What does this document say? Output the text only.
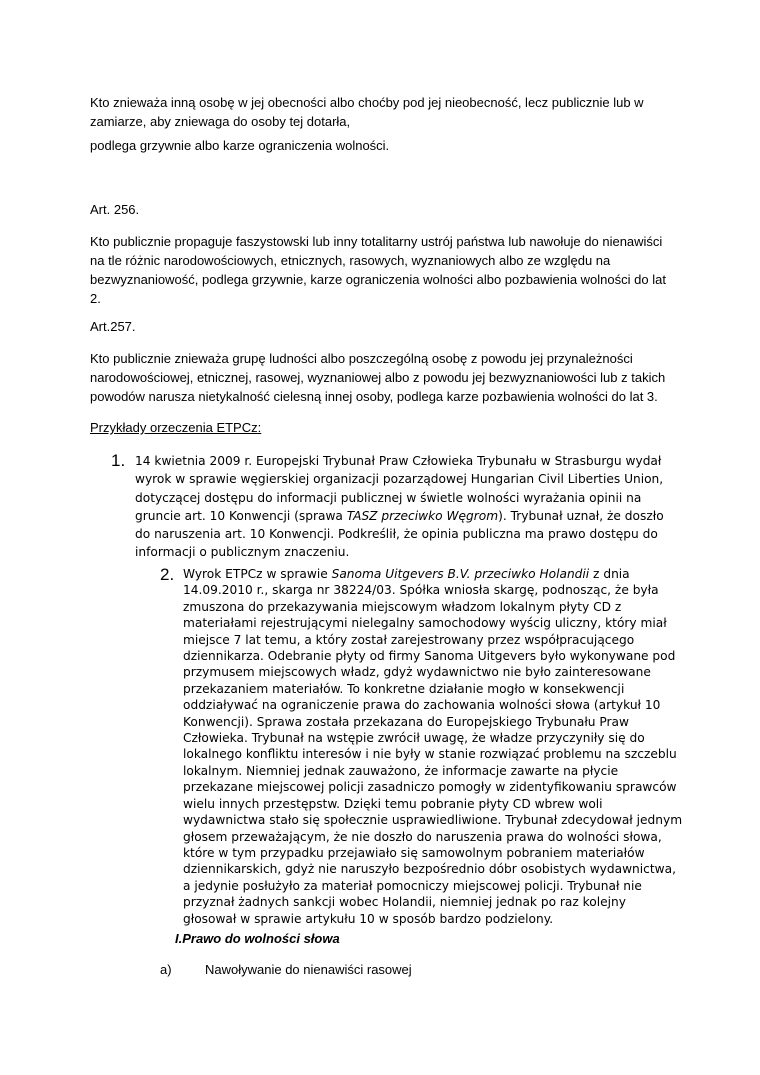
Kto znieważa inną osobę w jej obecności albo choćby pod jej nieobecność, lecz publicznie lub w zamiarze, aby zniewaga do osoby tej dotarła,

podlega grzywnie albo karze ograniczenia wolności.

Art. 256.

Kto publicznie propaguje faszystowski lub inny totalitarny ustrój państwa lub nawołuje do nienawiści na tle różnic narodowościowych, etnicznych, rasowych, wyznaniowych albo ze względu na bezwyznaniowość, podlega grzywnie, karze ograniczenia wolności albo pozbawienia wolności do lat 2.

Art.257.

Kto publicznie znieważa grupę ludności albo poszczególną osobę z powodu jej przynależności narodowościowej, etnicznej, rasowej, wyznaniowej albo z powodu jej bezwyznaniowości lub z takich powodów narusza nietykalność cielesną innej osoby, podlega karze pozbawienia wolności do lat 3.

Przykłady orzeczenia ETPCz:

1. 14 kwietnia 2009 r. Europejski Trybunał Praw Człowieka Trybunału w Strasburgu wydał wyrok w sprawie węgierskiej organizacji pozarządowej Hungarian Civil Liberties Union, dotyczącej dostępu do informacji publicznej w świetle wolności wyrażania opinii na gruncie art. 10 Konwencji (sprawa TASZ przeciwko Węgrom). Trybunał uznał, że doszło do naruszenia art. 10 Konwencji. Podkreślił, że opinia publiczna ma prawo dostępu do informacji o publicznym znaczeniu.

2. Wyrok ETPCz w sprawie Sanoma Uitgevers B.V. przeciwko Holandii z dnia 14.09.2010 r., skarga nr 38224/03. Spółka wniosła skargę, podnosząc, że była zmuszona do przekazywania miejscowym władzom lokalnym płyty CD z materiałami rejestrującymi nielegalny samochodowy wyścig uliczny, który miał miejsce 7 lat temu, a który został zarejestrowany przez współpracującego dziennikarza. Odebranie płyty od firmy Sanoma Uitgevers było wykonywane pod przymusem miejscowych władz, gdyż wydawnictwo nie było zainteresowane przekazaniem materiałów. To konkretne działanie mogło w konsekwencji oddziaływać na ograniczenie prawa do zachowania wolności słowa (artykuł 10 Konwencji). Sprawa została przekazana do Europejskiego Trybunału Praw Człowieka. Trybunał na wstępie zwrócił uwagę, że władze przyczyniły się do lokalnego konfliktu interesów i nie były w stanie rozwiązać problemu na szczeblu lokalnym. Niemniej jednak zauważono, że informacje zawarte na płycie przekazane miejscowej policji zasadniczo pomogły w zidentyfikowaniu sprawców wielu innych przestępstw. Dzięki temu pobranie płyty CD wbrew woli wydawnictwa stało się społecznie usprawiedliwione. Trybunał zdecydował jednym głosem przeważającym, że nie doszło do naruszenia prawa do wolności słowa, które w tym przypadku przejawiało się samowolnym pobraniem materiałów dziennikarskich, gdyż nie naruszyło bezpośrednio dóbr osobistych wydawnictwa, a jedynie posłużyło za materiał pomocniczy miejscowej policji. Trybunał nie przyznał żadnych sankcji wobec Holandii, niemniej jednak po raz kolejny głosował w sprawie artykułu 10 w sposób bardzo podzielony.

I.Prawo do wolności słowa

a)	Nawoływanie do nienawiści rasowej
